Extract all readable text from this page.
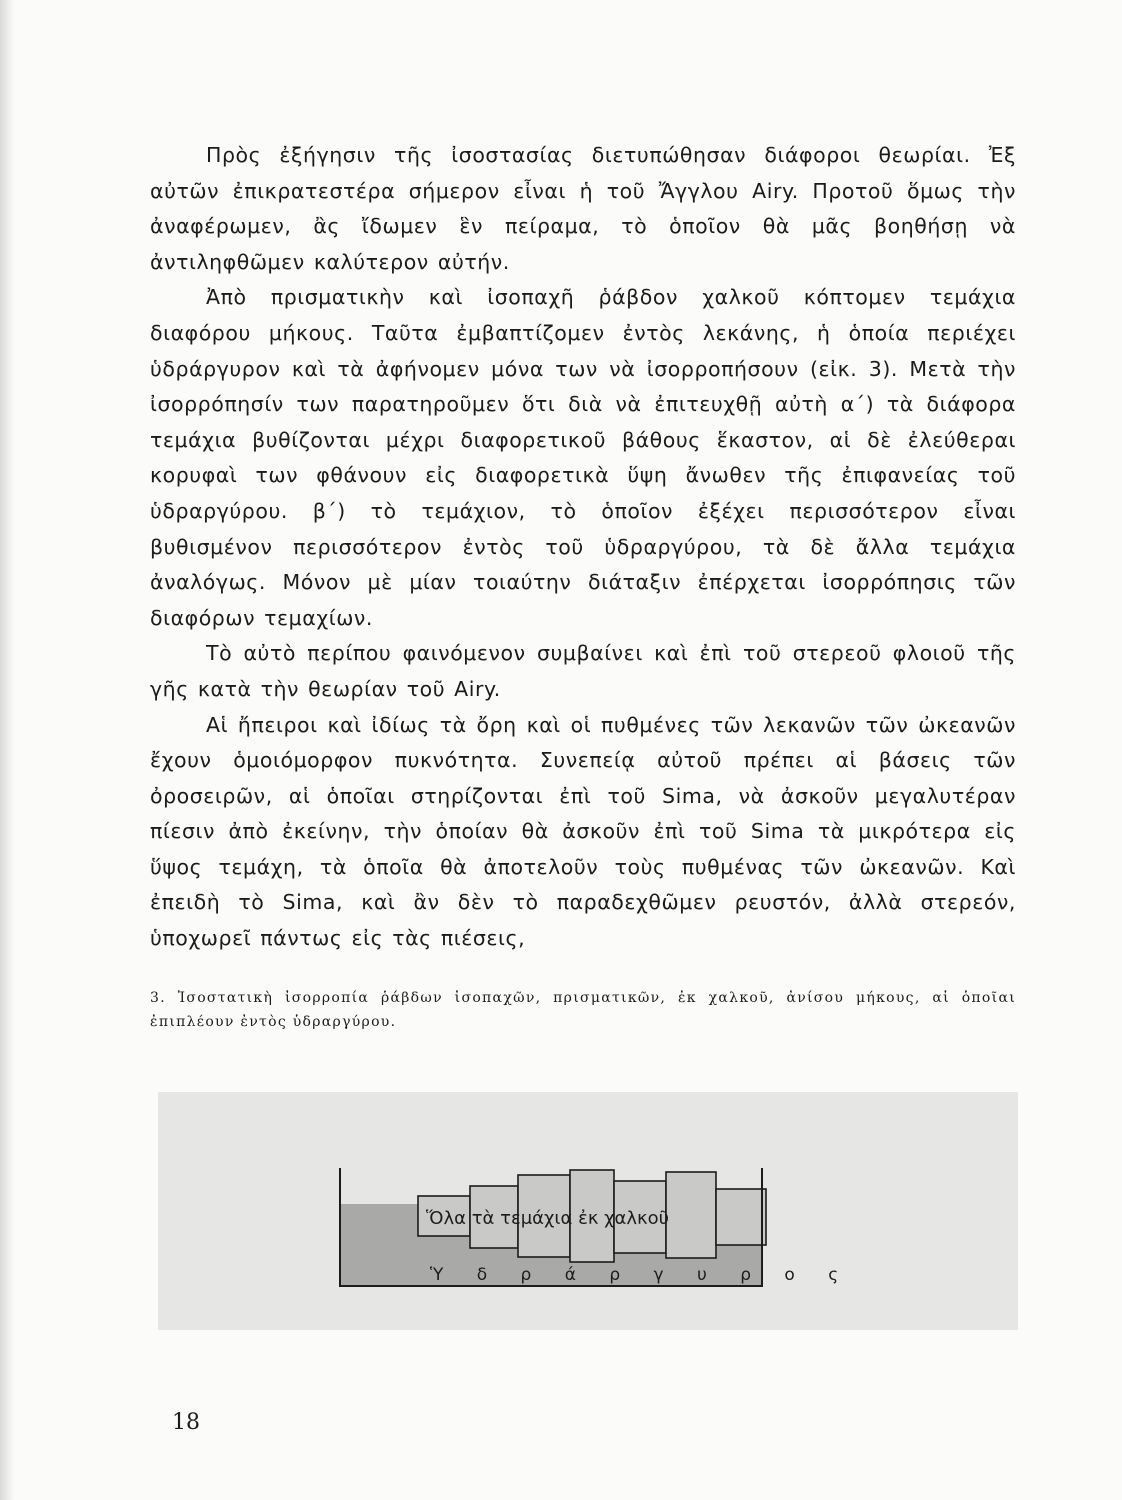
Πρὸς ἐξήγησιν τῆς ἰσοστασίας διετυπώθησαν διάφοροι θεωρίαι. Ἐξ αὐτῶν ἐπικρατεστέρα σήμερον εἶναι ἡ τοῦ Ἄγγλου Airy. Προτοῦ ὅμως τὴν ἀναφέρωμεν, ἂς ἴδωμεν ἓν πείραμα, τὸ ὁποῖον θὰ μᾶς βοηθήσῃ νὰ ἀντιληφθῶμεν καλύτερον αὐτήν.

Ἀπὸ πρισματικὴν καὶ ἰσοπαχῆ ῥάβδον χαλκοῦ κόπτομεν τεμάχια διαφόρου μήκους. Ταῦτα ἐμβαπτίζομεν ἐντὸς λεκάνης, ἡ ὁποία περιέχει ὑδράργυρον καὶ τὰ ἀφήνομεν μόνα των νὰ ἰσορροπήσουν (εἰκ. 3). Μετὰ τὴν ἰσορρόπησίν των παρατηροῦμεν ὅτι διὰ νὰ ἐπιτευχθῇ αὐτὴ α΄) τὰ διάφορα τεμάχια βυθίζονται μέχρι διαφορετικοῦ βάθους ἕκαστον, αἱ δὲ ἐλεύθεραι κορυφαὶ των φθάνουν εἰς διαφορετικὰ ὕψη ἄνωθεν τῆς ἐπιφανείας τοῦ ὑδραργύρου. β΄) τὸ τεμάχιον, τὸ ὁποῖον ἐξέχει περισσότερον εἶναι βυθισμένον περισσότερον ἐντὸς τοῦ ὑδραργύρου, τὰ δὲ ἄλλα τεμάχια ἀναλόγως. Μόνον μὲ μίαν τοιαύτην διάταξιν ἐπέρχεται ἰσορρόπησις τῶν διαφόρων τεμαχίων.

Τὸ αὐτὸ περίπου φαινόμενον συμβαίνει καὶ ἐπὶ τοῦ στερεοῦ φλοιοῦ τῆς γῆς κατὰ τὴν θεωρίαν τοῦ Airy.

Αἱ ἤπειροι καὶ ἰδίως τὰ ὄρη καὶ οἱ πυθμένες τῶν λεκανῶν τῶν ὠκεανῶν ἔχουν ὁμοιόμορφον πυκνότητα. Συνεπείᾳ αὐτοῦ πρέπει αἱ βάσεις τῶν ὀροσειρῶν, αἱ ὁποῖαι στηρίζονται ἐπὶ τοῦ Sima, νὰ ἀσκοῦν μεγαλυτέραν πίεσιν ἀπὸ ἐκείνην, τὴν ὁποίαν θὰ ἀσκοῦν ἐπὶ τοῦ Sima τὰ μικρότερα εἰς ὕψος τεμάχη, τὰ ὁποῖα θὰ ἀποτελοῦν τοὺς πυθμένας τῶν ὠκεανῶν. Καὶ ἐπειδὴ τὸ Sima, καὶ ἂν δὲν τὸ παραδεχθῶμεν ρευστόν, ἀλλὰ στερεόν, ὑποχωρεῖ πάντως εἰς τὰς πιέσεις,

3. Ἰσοστατικὴ ἰσορροπία ῥάβδων ἰσοπαχῶν, πρισματικῶν, ἐκ χαλκοῦ, ἀνίσου μήκους, αἱ ὁποῖαι ἐπιπλέουν ἐντὸς ὑδραργύρου.

Ὅλα τὰ τεμάχια ἐκ χαλκοῦ
Ὑ δ ρ ά ρ γ υ ρ ο ς
18
